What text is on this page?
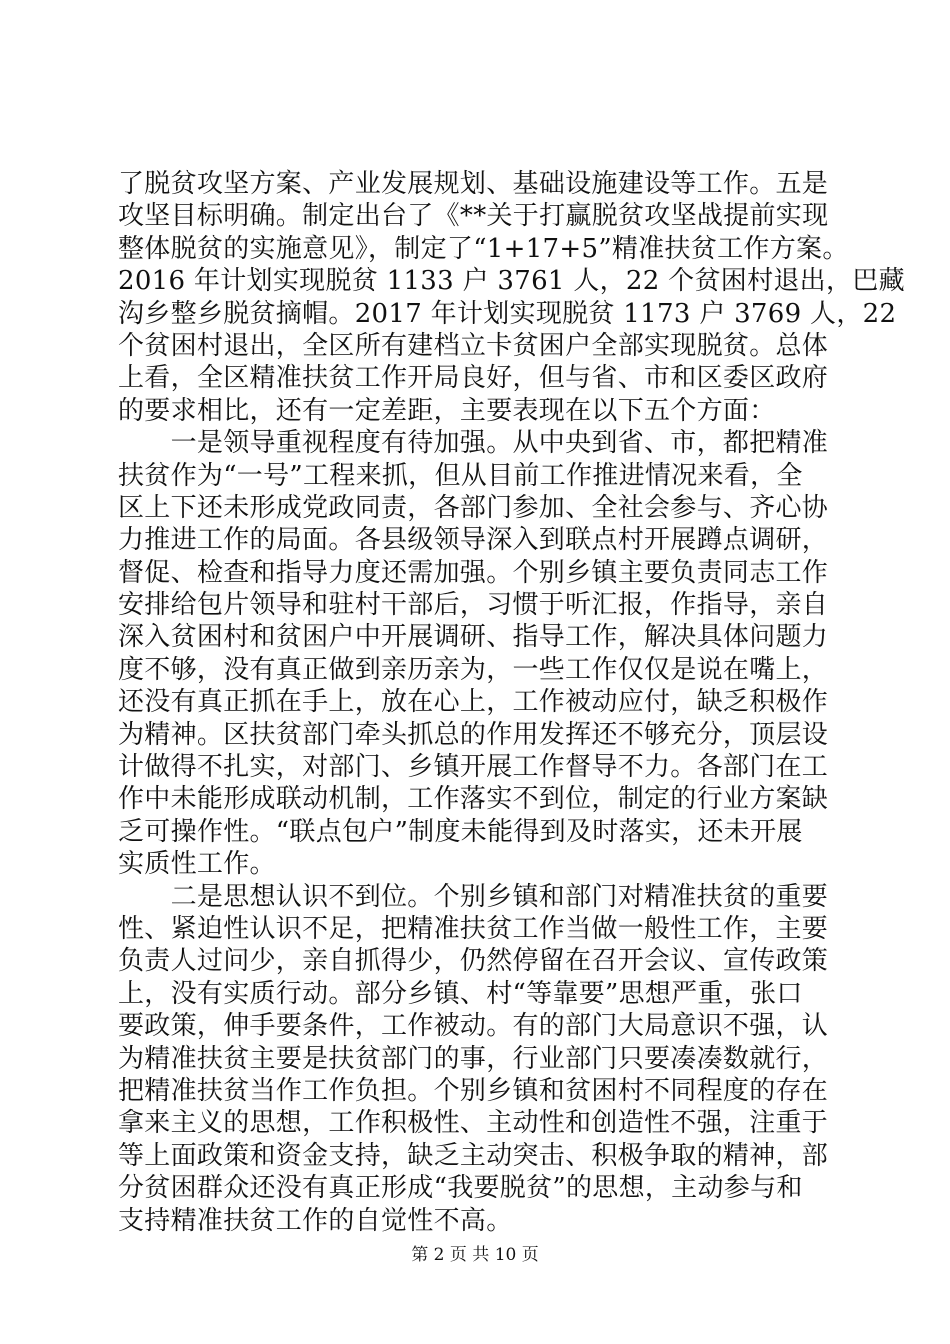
了脱贫攻坚方案、产业发展规划、基础设施建设等工作。五是
攻坚目标明确。制定出台了《**关于打赢脱贫攻坚战提前实现
整体脱贫的实施意见》，制定了“1+17+5”精准扶贫工作方案。
2016 年计划实现脱贫 1133 户 3761 人，22 个贫困村退出，巴藏
沟乡整乡脱贫摘帽。2017 年计划实现脱贫 1173 户 3769 人，22
个贫困村退出，全区所有建档立卡贫困户全部实现脱贫。总体
上看，全区精准扶贫工作开局良好，但与省、市和区委区政府
的要求相比，还有一定差距，主要表现在以下五个方面：
　　一是领导重视程度有待加强。从中央到省、市，都把精准
扶贫作为“一号”工程来抓，但从目前工作推进情况来看，全
区上下还未形成党政同责，各部门参加、全社会参与、齐心协
力推进工作的局面。各县级领导深入到联点村开展蹲点调研，
督促、检查和指导力度还需加强。个别乡镇主要负责同志工作
安排给包片领导和驻村干部后，习惯于听汇报，作指导，亲自
深入贫困村和贫困户中开展调研、指导工作，解决具体问题力
度不够，没有真正做到亲历亲为，一些工作仅仅是说在嘴上，
还没有真正抓在手上，放在心上，工作被动应付，缺乏积极作
为精神。区扶贫部门牵头抓总的作用发挥还不够充分，顶层设
计做得不扎实，对部门、乡镇开展工作督导不力。各部门在工
作中未能形成联动机制，工作落实不到位，制定的行业方案缺
乏可操作性。“联点包户”制度未能得到及时落实，还未开展
实质性工作。
　　二是思想认识不到位。个别乡镇和部门对精准扶贫的重要
性、紧迫性认识不足，把精准扶贫工作当做一般性工作，主要
负责人过问少，亲自抓得少，仍然停留在召开会议、宣传政策
上，没有实质行动。部分乡镇、村“等靠要”思想严重，张口
要政策，伸手要条件，工作被动。有的部门大局意识不强，认
为精准扶贫主要是扶贫部门的事，行业部门只要凑凑数就行，
把精准扶贫当作工作负担。个别乡镇和贫困村不同程度的存在
拿来主义的思想，工作积极性、主动性和创造性不强，注重于
等上面政策和资金支持，缺乏主动突击、积极争取的精神，部
分贫困群众还没有真正形成“我要脱贫”的思想，主动参与和
支持精准扶贫工作的自觉性不高。
第 2 页 共 10 页
